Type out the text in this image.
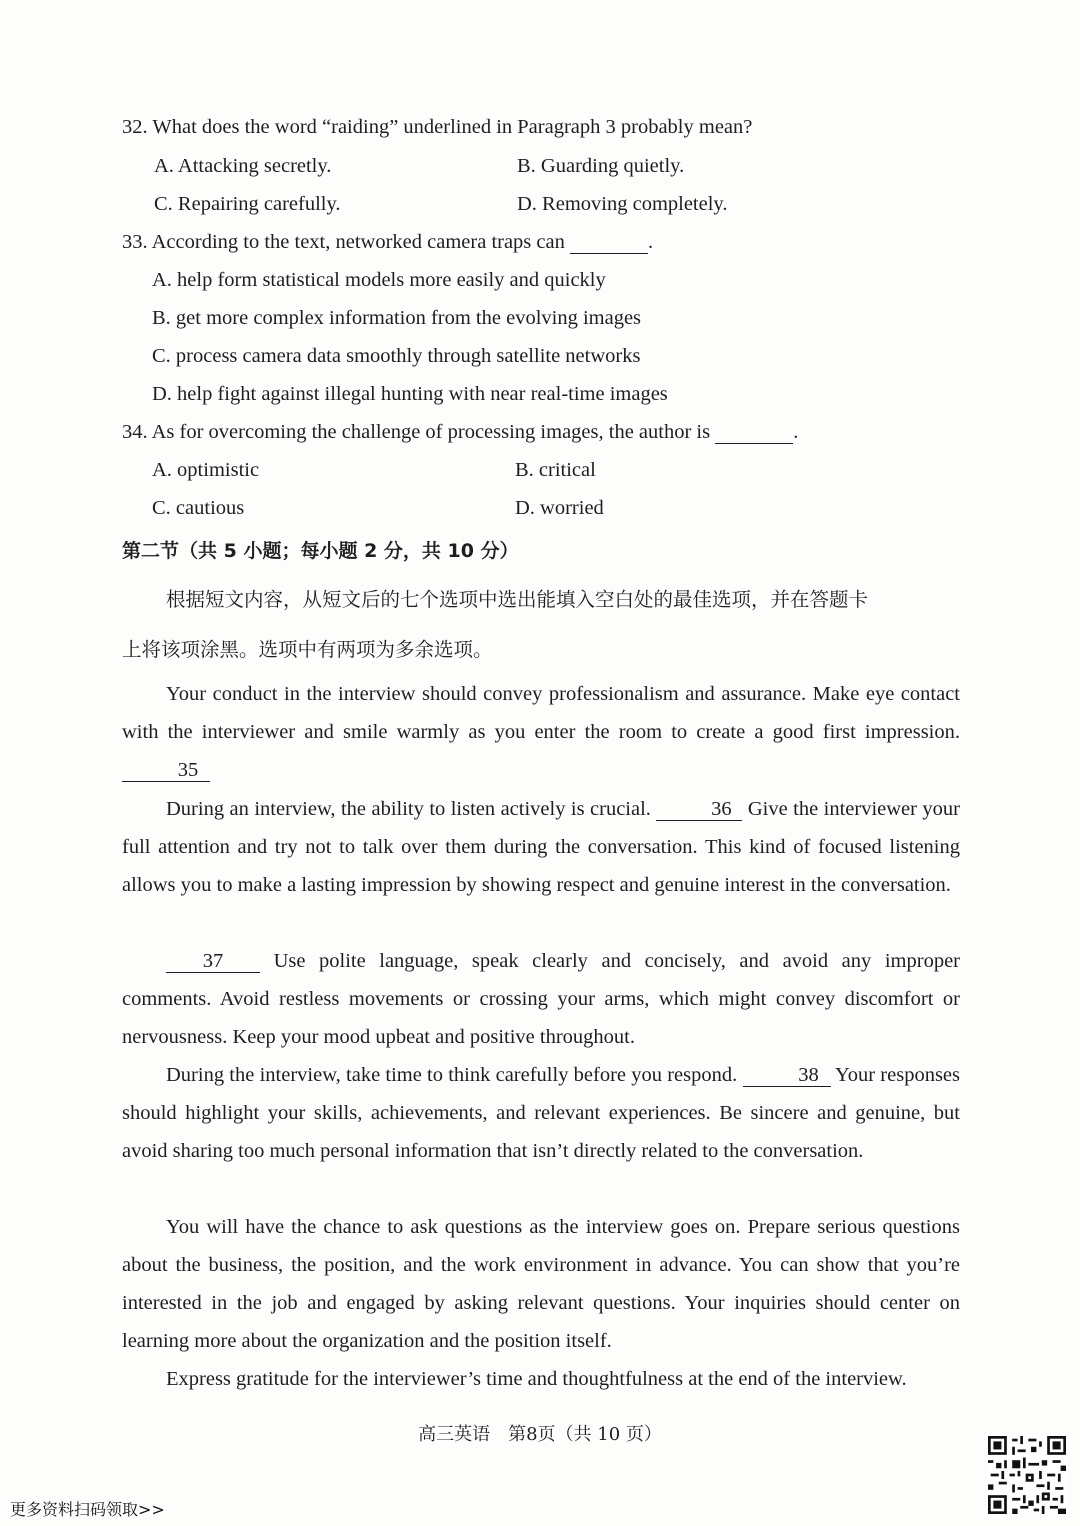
32. What does the word “raiding” underlined in Paragraph 3 probably mean?
A. Attacking secretly.	B. Guarding quietly.
C. Repairing carefully.	D. Removing completely.
33. According to the text, networked camera traps can	.
A. help form statistical models more easily and quickly
B. get more complex information from the evolving images
C. process camera data smoothly through satellite networks
D. help fight against illegal hunting with near real-time images
34. As for overcoming the challenge of processing images, the author is	.
A. optimistic	B. critical
C. cautious	D. worried
第二节（共 5 小题；每小题 2 分，共 10 分）
根据短文内容，从短文后的七个选项中选出能填入空白处的最佳选项，并在答题卡
上将该项涂黑。选项中有两项为多余选项。
Your conduct in the interview should convey professionalism and assurance. Make eye contact with the interviewer and smile warmly as you enter the room to create a good first impression. 35
During an interview, the ability to listen actively is crucial.	36 Give the interviewer your full attention and try not to talk over them during the conversation. This kind of focused listening allows you to make a lasting impression by showing respect and genuine interest in the conversation.
37 Use polite language, speak clearly and concisely, and avoid any improper comments. Avoid restless movements or crossing your arms, which might convey discomfort or nervousness. Keep your mood upbeat and positive throughout.
During the interview, take time to think carefully before you respond.	38 Your responses should highlight your skills, achievements, and relevant experiences. Be sincere and genuine, but avoid sharing too much personal information that isn’t directly related to the conversation.
You will have the chance to ask questions as the interview goes on. Prepare serious questions about the business, the position, and the work environment in advance. You can show that you’re interested in the job and engaged by asking relevant questions. Your inquiries should center on learning more about the organization and the position itself.
Express gratitude for the interviewer’s time and thoughtfulness at the end of the interview.
高三英语　第8页（共 10 页）
更多资料扫码领取>>
